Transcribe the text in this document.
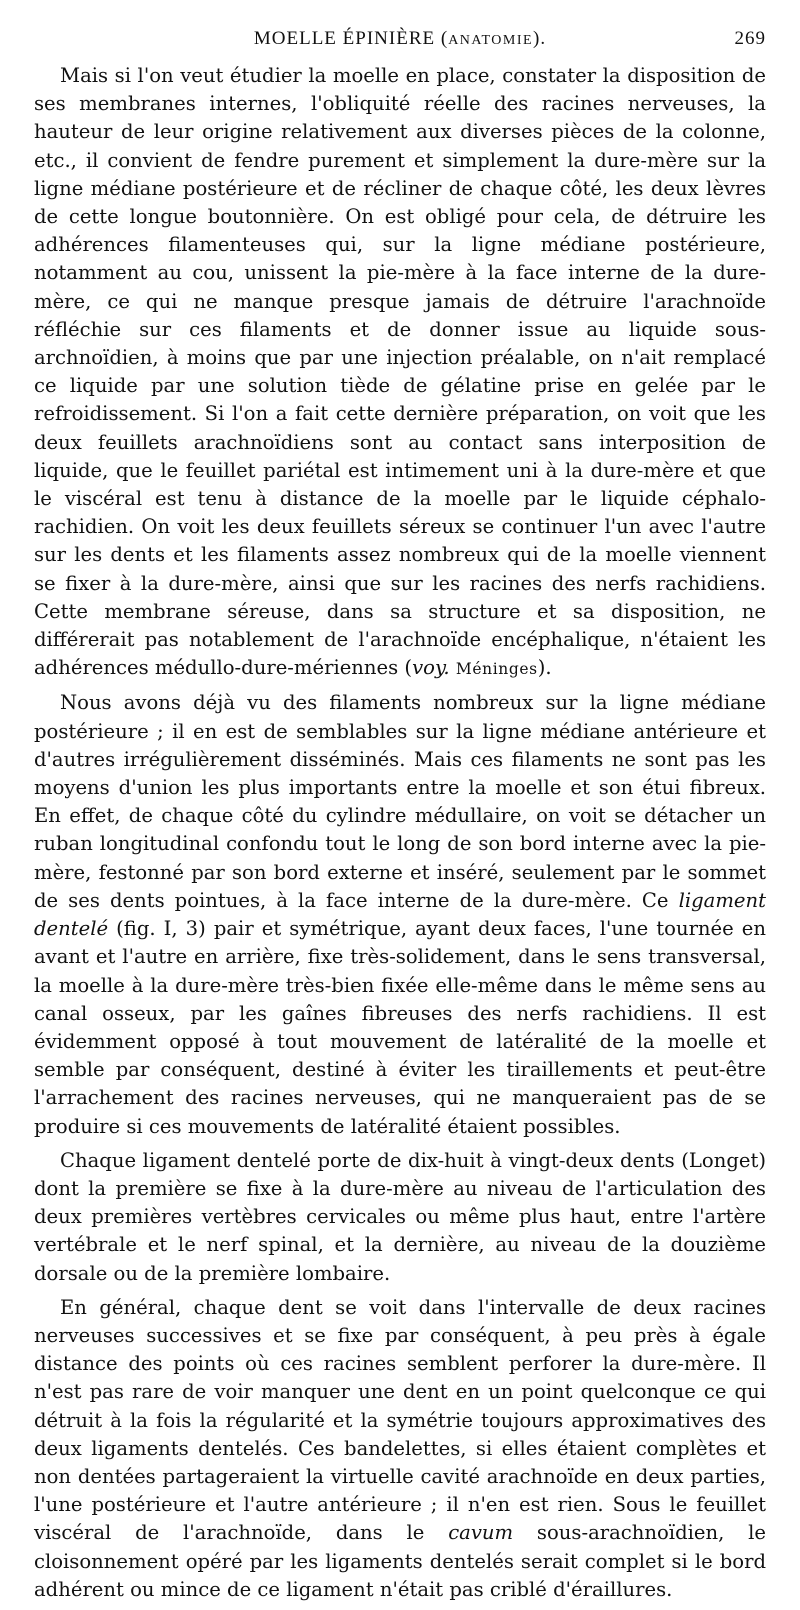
MOELLE ÉPINIÈRE (ANATOMIE).	269

Mais si l'on veut étudier la moelle en place, constater la disposition de ses membranes internes, l'obliquité réelle des racines nerveuses, la hauteur de leur origine relativement aux diverses pièces de la colonne, etc., il convient de fendre purement et simplement la dure-mère sur la ligne médiane postérieure et de récliner de chaque côté, les deux lèvres de cette longue boutonnière. On est obligé pour cela, de détruire les adhérences filamenteuses qui, sur la ligne médiane postérieure, notamment au cou, unissent la pie-mère à la face interne de la dure-mère, ce qui ne manque presque jamais de détruire l'arachnoïde réfléchie sur ces filaments et de donner issue au liquide sous-archnoïdien, à moins que par une injection préalable, on n'ait remplacé ce liquide par une solution tiède de gélatine prise en gelée par le refroidissement. Si l'on a fait cette dernière préparation, on voit que les deux feuillets arachnoïdiens sont au contact sans interposition de liquide, que le feuillet pariétal est intimement uni à la dure-mère et que le viscéral est tenu à distance de la moelle par le liquide céphalo-rachidien. On voit les deux feuillets séreux se continuer l'un avec l'autre sur les dents et les filaments assez nombreux qui de la moelle viennent se fixer à la dure-mère, ainsi que sur les racines des nerfs rachidiens. Cette membrane séreuse, dans sa structure et sa disposition, ne différerait pas notablement de l'arachnoïde encéphalique, n'étaient les adhérences médullo-dure-mériennes (voy. Méninges).

Nous avons déjà vu des filaments nombreux sur la ligne médiane postérieure ; il en est de semblables sur la ligne médiane antérieure et d'autres irrégulièrement disséminés. Mais ces filaments ne sont pas les moyens d'union les plus importants entre la moelle et son étui fibreux. En effet, de chaque côté du cylindre médullaire, on voit se détacher un ruban longitudinal confondu tout le long de son bord interne avec la pie-mère, festonné par son bord externe et inséré, seulement par le sommet de ses dents pointues, à la face interne de la dure-mère. Ce ligament dentelé (fig. I, 3) pair et symétrique, ayant deux faces, l'une tournée en avant et l'autre en arrière, fixe très-solidement, dans le sens transversal, la moelle à la dure-mère très-bien fixée elle-même dans le même sens au canal osseux, par les gaînes fibreuses des nerfs rachidiens. Il est évidemment opposé à tout mouvement de latéralité de la moelle et semble par conséquent, destiné à éviter les tiraillements et peut-être l'arrachement des racines nerveuses, qui ne manqueraient pas de se produire si ces mouvements de latéralité étaient possibles.

Chaque ligament dentelé porte de dix-huit à vingt-deux dents (Longet) dont la première se fixe à la dure-mère au niveau de l'articulation des deux premières vertèbres cervicales ou même plus haut, entre l'artère vertébrale et le nerf spinal, et la dernière, au niveau de la douzième dorsale ou de la première lombaire.

En général, chaque dent se voit dans l'intervalle de deux racines nerveuses successives et se fixe par conséquent, à peu près à égale distance des points où ces racines semblent perforer la dure-mère. Il n'est pas rare de voir manquer une dent en un point quelconque ce qui détruit à la fois la régularité et la symétrie toujours approximatives des deux ligaments dentelés. Ces bandelettes, si elles étaient complètes et non dentées partageraient la virtuelle cavité arachnoïde en deux parties, l'une postérieure et l'autre antérieure ; il n'en est rien. Sous le feuillet viscéral de l'arachnoïde, dans le cavum sous-arachnoïdien, le cloisonnement opéré par les ligaments dentelés serait complet si le bord adhérent ou mince de ce ligament n'était pas criblé d'éraillures.
